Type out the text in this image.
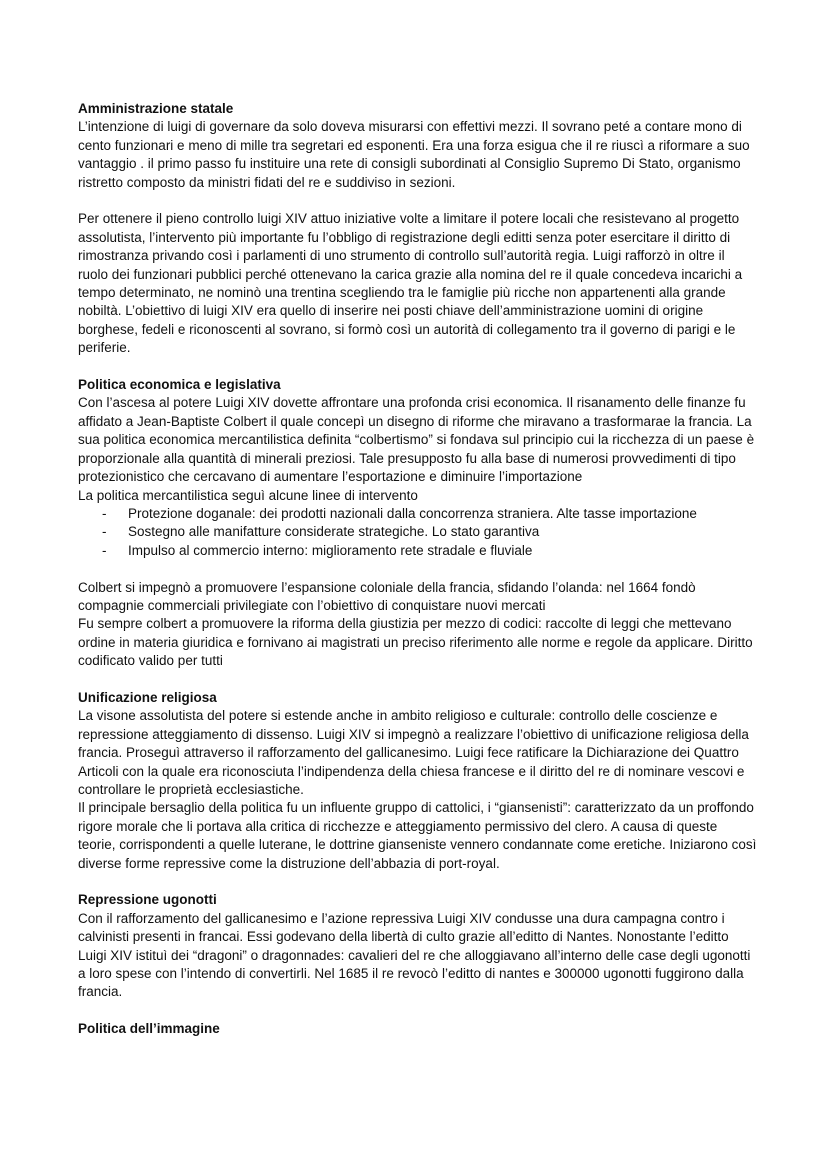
Amministrazione statale

L’intenzione di luigi di governare da solo doveva misurarsi con effettivi mezzi. Il sovrano peté a contare mono di cento funzionari e meno di mille tra segretari ed esponenti. Era una forza esigua che il re riuscì a riformare a suo vantaggio . il primo passo fu instituire una rete di consigli subordinati al Consiglio Supremo Di Stato, organismo ristretto composto da ministri fidati del re e suddiviso in sezioni.

Per ottenere il pieno controllo luigi XIV attuo iniziative volte a limitare il potere locali che resistevano al progetto assolutista, l’intervento più importante fu l’obbligo di registrazione degli editti senza poter esercitare il diritto di rimostranza privando così i parlamenti di uno strumento di controllo sull’autorità regia. Luigi rafforzò in oltre il ruolo dei funzionari pubblici perché ottenevano la carica grazie alla nomina del re il quale concedeva incarichi a tempo determinato, ne nominò una trentina scegliendo tra le famiglie più ricche non appartenenti alla grande nobiltà. L’obiettivo di luigi XIV era quello di inserire nei posti chiave dell’amministrazione uomini di origine borghese, fedeli e riconoscenti al sovrano, si formò così un autorità di collegamento tra il governo di parigi e le periferie.

Politica economica e legislativa

Con l’ascesa al potere Luigi XIV dovette affrontare una profonda crisi economica. Il risanamento delle finanze fu affidato a Jean-Baptiste Colbert il quale concepì un disegno di riforme che miravano a trasformarae la francia. La sua politica economica mercantilistica definita “colbertismo” si fondava sul principio cui la ricchezza di un paese è proporzionale alla quantità di minerali preziosi. Tale presupposto fu alla base di numerosi provvedimenti di tipo protezionistico che cercavano di aumentare l’esportazione e diminuire l’importazione

La politica mercantilistica seguì alcune linee di intervento

- Protezione doganale: dei prodotti nazionali dalla concorrenza straniera. Alte tasse importazione
- Sostegno alle manifatture considerate strategiche. Lo stato garantiva
- Impulso al commercio interno: miglioramento rete stradale e fluviale

Colbert si impegnò a promuovere l’espansione coloniale della francia, sfidando l’olanda: nel 1664 fondò compagnie commerciali privilegiate con l’obiettivo di conquistare nuovi mercati

Fu sempre colbert a promuovere la riforma della giustizia per mezzo di codici: raccolte di leggi che mettevano ordine in materia giuridica e fornivano ai magistrati un preciso riferimento alle norme e regole da applicare. Diritto codificato valido per tutti

Unificazione religiosa

La visone assolutista del potere si estende anche in ambito religioso e culturale: controllo delle coscienze e repressione atteggiamento di dissenso. Luigi XIV si impegnò a realizzare l’obiettivo di unificazione religiosa della francia. Proseguì attraverso il rafforzamento del gallicanesimo. Luigi fece ratificare la Dichiarazione dei Quattro Articoli con la quale era riconosciuta l’indipendenza della chiesa francese e il diritto del re di nominare vescovi e controllare le proprietà ecclesiastiche.

Il principale bersaglio della politica fu un influente gruppo di cattolici, i “giansenisti”: caratterizzato da un proffondo rigore morale che li portava alla critica di ricchezze e atteggiamento permissivo del clero. A causa di queste teorie, corrispondenti a quelle luterane, le dottrine gianseniste vennero condannate come eretiche. Iniziarono così diverse forme repressive come la distruzione dell’abbazia di port-royal.

Repressione ugonotti

Con il rafforzamento del gallicanesimo e l’azione repressiva Luigi XIV condusse una dura campagna contro i calvinisti presenti in francai. Essi godevano della libertà di culto grazie all’editto di Nantes. Nonostante l’editto Luigi XIV istituì dei “dragoni” o dragonnades: cavalieri del re che alloggiavano all’interno delle case degli ugonotti a loro spese con l’intendo di convertirli. Nel 1685 il re revocò l’editto di nantes e 300000 ugonotti fuggirono dalla francia.

Politica dell’immagine
